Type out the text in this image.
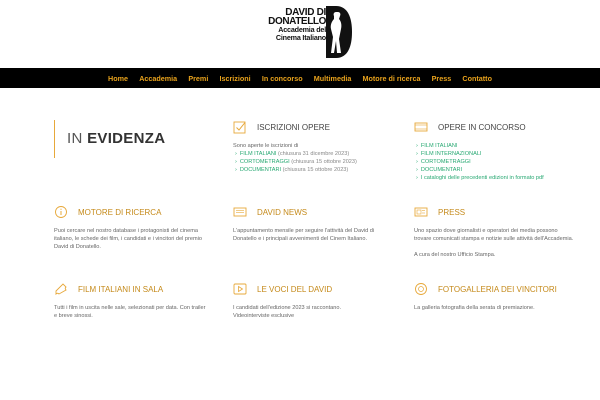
DAVID DI
DONATELLO
Accademia del
Cinema Italiano
Home Accademia Premi Iscrizioni In concorso Multimedia Motore di ricerca Press Contatto
IN EVIDENZA
ISCRIZIONI OPERE
Sono aperte le iscrizioni di
› FILM ITALIANI (chiusura 31 dicembre 2023)
› CORTOMETRAGGI (chiusura 15 ottobre 2023)
› DOCUMENTARI (chiusura 15 ottobre 2023)
OPERE IN CONCORSO
› FILM ITALIANI
› FILM INTERNAZIONALI
› CORTOMETRAGGI
› DOCUMENTARI
› I cataloghi delle precedenti edizioni in formato pdf
MOTORE DI RICERCA
Puoi cercare nel nostro database i protagonisti del cinema italiano, le schede dei film, i candidati e i vincitori del premio David di Donatello.
DAVID NEWS
L'appuntamento mensile per seguire l'attività del David di Donatello e i principali avvenimenti del Cinem Italiano.
PRESS
Uno spazio dove giornalisti e operatori dei media possono trovare comunicati stampa e notizie sulle attività dell'Accademia.
A cura del nostro Ufficio Stampa.
FILM ITALIANI IN SALA
Tutti i film in uscita nelle sale, selezionati per data. Con trailer e breve sinossi.
LE VOCI DEL DAVID
I candidati dell'edizione 2023 si raccontano. Videointerviste esclusive
FOTOGALLERIA DEI VINCITORI
La galleria fotografia della serata di premiazione.
